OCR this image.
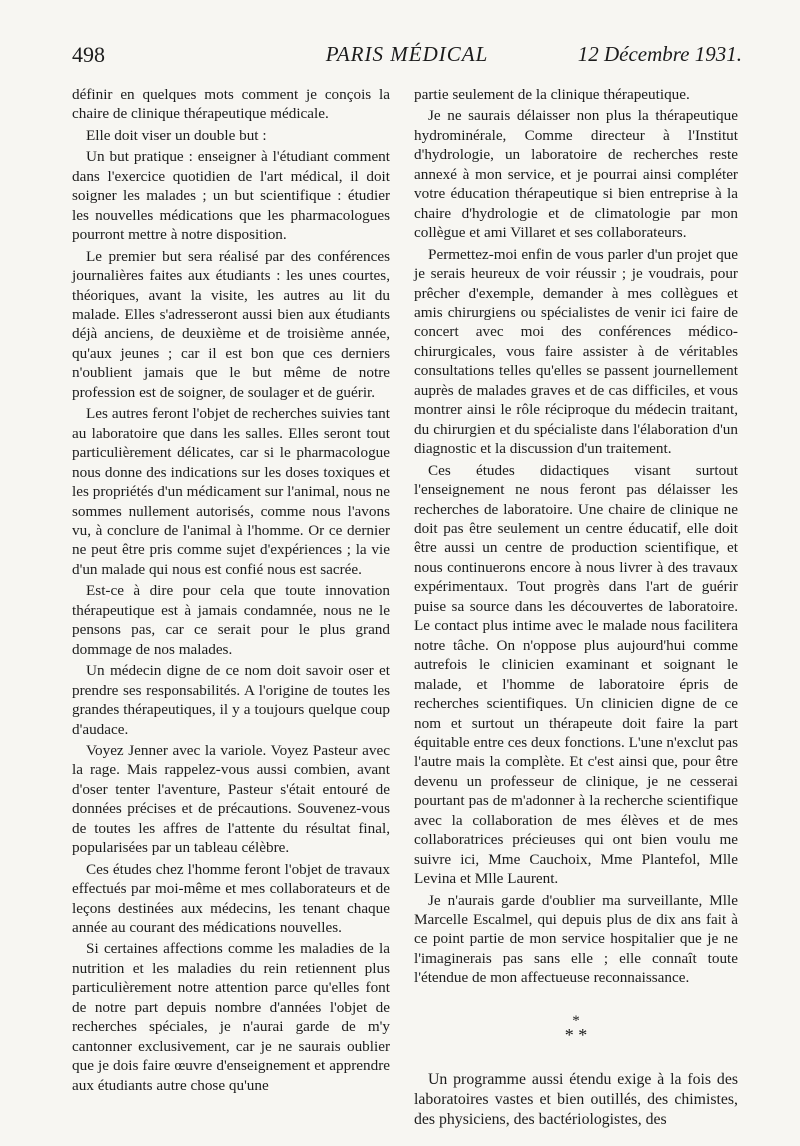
498	PARIS MÉDICAL	12 Décembre 1931.

définir en quelques mots comment je conçois la chaire de clinique thérapeutique médicale.

Elle doit viser un double but :

Un but pratique : enseigner à l'étudiant comment dans l'exercice quotidien de l'art médical, il doit soigner les malades ; un but scientifique : étudier les nouvelles médications que les pharmacologues pourront mettre à notre disposition.

Le premier but sera réalisé par des conférences journalières faites aux étudiants : les unes courtes, théoriques, avant la visite, les autres au lit du malade. Elles s'adresseront aussi bien aux étudiants déjà anciens, de deuxième et de troisième année, qu'aux jeunes ; car il est bon que ces derniers n'oublient jamais que le but même de notre profession est de soigner, de soulager et de guérir.

Les autres feront l'objet de recherches suivies tant au laboratoire que dans les salles. Elles seront tout particulièrement délicates, car si le pharmacologue nous donne des indications sur les doses toxiques et les propriétés d'un médicament sur l'animal, nous ne sommes nullement autorisés, comme nous l'avons vu, à conclure de l'animal à l'homme. Or ce dernier ne peut être pris comme sujet d'expériences ; la vie d'un malade qui nous est confié nous est sacrée.

Est-ce à dire pour cela que toute innovation thérapeutique est à jamais condamnée, nous ne le pensons pas, car ce serait pour le plus grand dommage de nos malades.

Un médecin digne de ce nom doit savoir oser et prendre ses responsabilités. A l'origine de toutes les grandes thérapeutiques, il y a toujours quelque coup d'audace.

Voyez Jenner avec la variole. Voyez Pasteur avec la rage. Mais rappelez-vous aussi combien, avant d'oser tenter l'aventure, Pasteur s'était entouré de données précises et de précautions. Souvenez-vous de toutes les affres de l'attente du résultat final, popularisées par un tableau célèbre.

Ces études chez l'homme feront l'objet de travaux effectués par moi-même et mes collaborateurs et de leçons destinées aux médecins, les tenant chaque année au courant des médications nouvelles.

Si certaines affections comme les maladies de la nutrition et les maladies du rein retiennent plus particulièrement notre attention parce qu'elles font de notre part depuis nombre d'années l'objet de recherches spéciales, je n'aurai garde de m'y cantonner exclusivement, car je ne saurais oublier que je dois faire œuvre d'enseignement et apprendre aux étudiants autre chose qu'une

partie seulement de la clinique thérapeutique.

Je ne saurais délaisser non plus la thérapeutique hydrominérale, Comme directeur à l'Institut d'hydrologie, un laboratoire de recherches reste annexé à mon service, et je pourrai ainsi compléter votre éducation thérapeutique si bien entreprise à la chaire d'hydrologie et de climatologie par mon collègue et ami Villaret et ses collaborateurs.

Permettez-moi enfin de vous parler d'un projet que je serais heureux de voir réussir ; je voudrais, pour prêcher d'exemple, demander à mes collègues et amis chirurgiens ou spécialistes de venir ici faire de concert avec moi des conférences médico-chirurgicales, vous faire assister à de véritables consultations telles qu'elles se passent journellement auprès de malades graves et de cas difficiles, et vous montrer ainsi le rôle réciproque du médecin traitant, du chirurgien et du spécialiste dans l'élaboration d'un diagnostic et la discussion d'un traitement.

Ces études didactiques visant surtout l'enseignement ne nous feront pas délaisser les recherches de laboratoire. Une chaire de clinique ne doit pas être seulement un centre éducatif, elle doit être aussi un centre de production scientifique, et nous continuerons encore à nous livrer à des travaux expérimentaux. Tout progrès dans l'art de guérir puise sa source dans les découvertes de laboratoire. Le contact plus intime avec le malade nous facilitera notre tâche. On n'oppose plus aujourd'hui comme autrefois le clinicien examinant et soignant le malade, et l'homme de laboratoire épris de recherches scientifiques. Un clinicien digne de ce nom et surtout un thérapeute doit faire la part équitable entre ces deux fonctions. L'une n'exclut pas l'autre mais la complète. Et c'est ainsi que, pour être devenu un professeur de clinique, je ne cesserai pourtant pas de m'adonner à la recherche scientifique avec la collaboration de mes élèves et de mes collaboratrices précieuses qui ont bien voulu me suivre ici, Mme Cauchoix, Mme Plantefol, Mlle Levina et Mlle Laurent.

Je n'aurais garde d'oublier ma surveillante, Mlle Marcelle Escalmel, qui depuis plus de dix ans fait à ce point partie de mon service hospitalier que je ne l'imaginerais pas sans elle ; elle connaît toute l'étendue de mon affectueuse reconnaissance.

*
* *

Un programme aussi étendu exige à la fois des laboratoires vastes et bien outillés, des chimistes, des physiciens, des bactériologistes, des
